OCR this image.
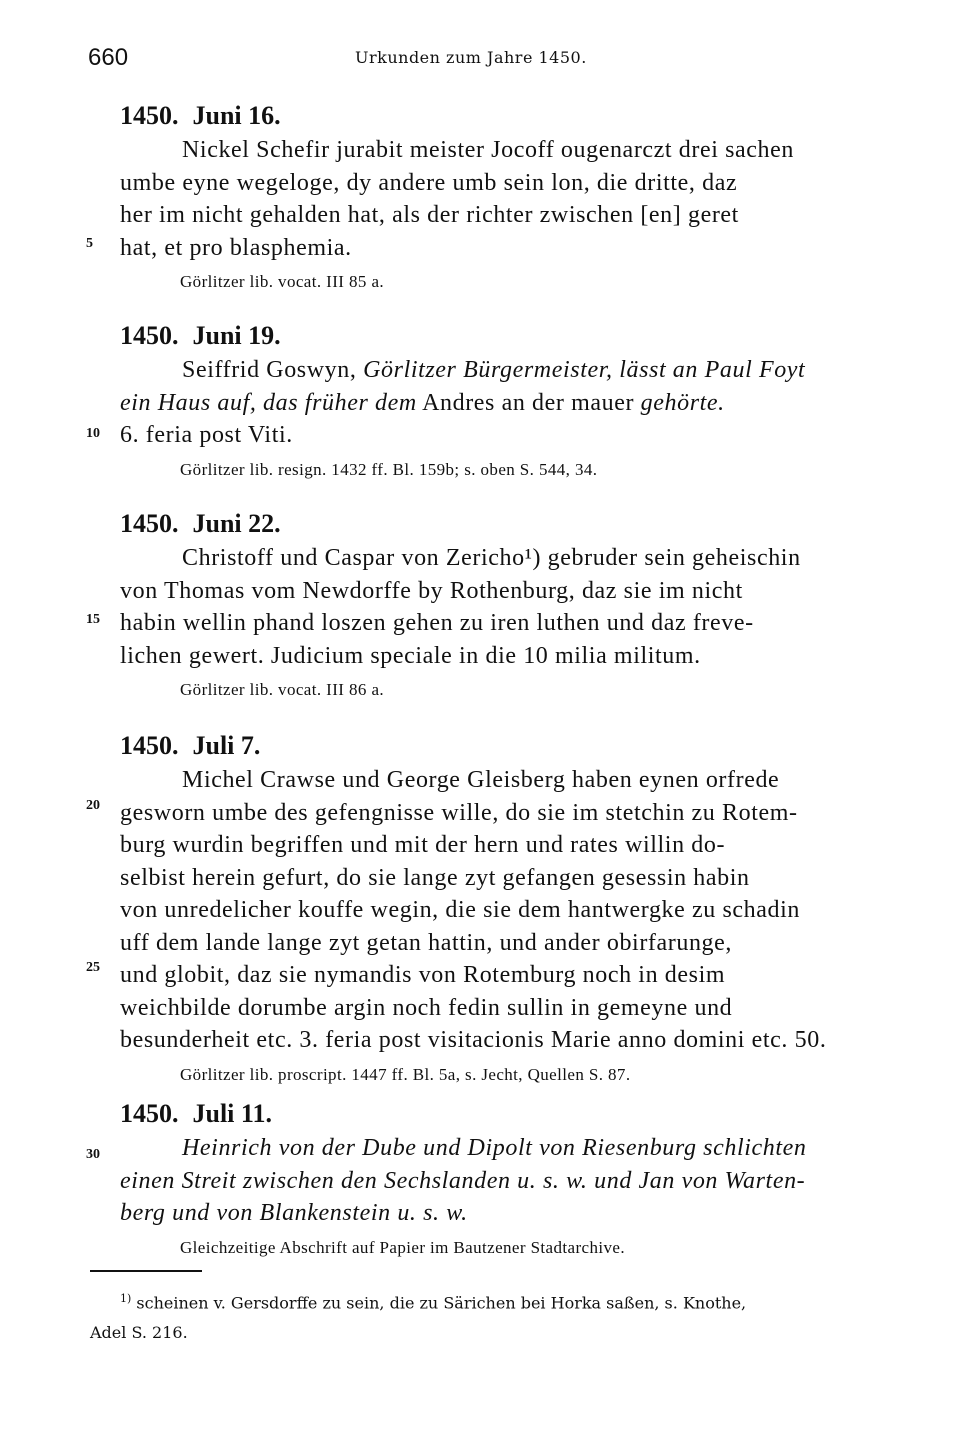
660	Urkunden zum Jahre 1450.
5
10
15
20
25
30
1450. Juni 16.
Nickel Schefir jurabit meister Jocoff ougenarczt drei sachen
umbe eyne wegeloge, dy andere umb sein lon, die dritte, daz
her im nicht gehalden hat, als der richter zwischen [en] geret
hat, et pro blasphemia.
Görlitzer lib. vocat. III 85 a.
1450. Juni 19.
Seiffrid Goswyn, Görlitzer Bürgermeister, lässt an Paul Foyt
ein Haus auf, das früher dem Andres an der mauer gehörte.
6. feria post Viti.
Görlitzer lib. resign. 1432 ff. Bl. 159b; s. oben S. 544, 34.
1450. Juni 22.
Christoff und Caspar von Zericho¹) gebruder sein geheischin
von Thomas vom Newdorffe by Rothenburg, daz sie im nicht
habin wellin phand loszen gehen zu iren luthen und daz freve-
lichen gewert. Judicium speciale in die 10 milia militum.
Görlitzer lib. vocat. III 86 a.
1450. Juli 7.
Michel Crawse und George Gleisberg haben eynen orfrede
gesworn umbe des gefengnisse wille, do sie im stetchin zu Rotem-
burg wurdin begriffen und mit der hern und rates willin do-
selbist herein gefurt, do sie lange zyt gefangen gesessin habin
von unredelicher kouffe wegin, die sie dem hantwergke zu schadin
uff dem lande lange zyt getan hattin, und ander obirfarunge,
und globit, daz sie nymandis von Rotemburg noch in desim
weichbilde dorumbe argin noch fedin sullin in gemeyne und
besunderheit etc. 3. feria post visitacionis Marie anno domini etc. 50.
Görlitzer lib. proscript. 1447 ff. Bl. 5a, s. Jecht, Quellen S. 87.
1450. Juli 11.
Heinrich von der Dube und Dipolt von Riesenburg schlichten
einen Streit zwischen den Sechslanden u. s. w. und Jan von Warten-
berg und von Blankenstein u. s. w.
Gleichzeitige Abschrift auf Papier im Bautzener Stadtarchive.
$^{1)}$ scheinen v. Gersdorffe zu sein, die zu Särichen bei Horka saßen, s. Knothe,
Adel S. 216.
